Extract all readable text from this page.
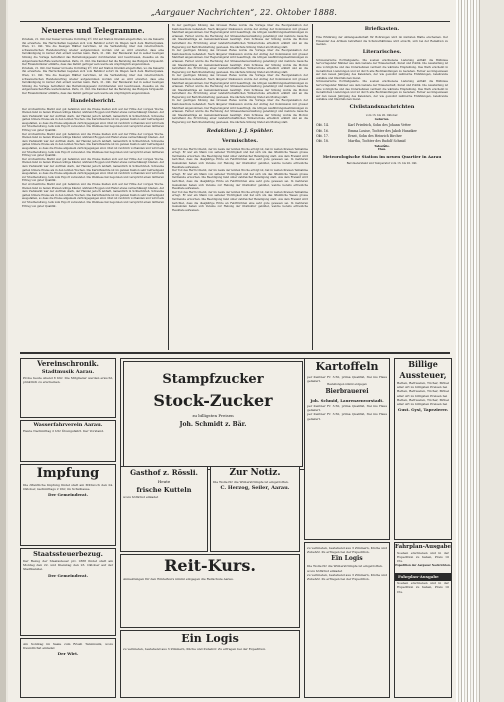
„Aargauer Nachrichten“, 22. Oktober 1888.
Neueres und Telegramme.

Potsdam, 21. Okt. Der Kaiser ist heute Vormittag 9¾ Uhr auf Station Dremkli eingetroffen, wo die Kaiserin ihn erwartete. Die Herrschaften begaben sich vom Bahnhof sofort im Wagen nach dem Marmorpalais. Wien, 21. Okt. Wie die hiesigen Blätter berichten, ist die Verhandlung über den österreichisch-schweizerischen Handelsvertrag wieder aufgenommen worden und es wird erwartet, dass eine Verständigung in kurzer Zeit erzielt werden kann. Bern, 21. Okt. Der Bundesrat hat in seiner heutigen Sitzung die Vorlage betreffend das Betreibungsgesetz durchberaten und beschlossen, dieselbe an die eidgenössischen Räte weiterzuleiten. Paris, 21. Okt. Die Kammer hat die Beratung des Budgets fortgesetzt. Der Finanzminister erklärte, dass das Defizit geringer sein werde als ursprünglich angenommen.

Potsdam, 21. Okt. Der Kaiser ist heute Vormittag 9¾ Uhr auf Station Dremkli eingetroffen, wo die Kaiserin ihn erwartete. Die Herrschaften begaben sich vom Bahnhof sofort im Wagen nach dem Marmorpalais. Wien, 21. Okt. Wie die hiesigen Blätter berichten, ist die Verhandlung über den österreichisch-schweizerischen Handelsvertrag wieder aufgenommen worden und es wird erwartet, dass eine Verständigung in kurzer Zeit erzielt werden kann. Bern, 21. Okt. Der Bundesrat hat in seiner heutigen Sitzung die Vorlage betreffend das Betreibungsgesetz durchberaten und beschlossen, dieselbe an die eidgenössischen Räte weiterzuleiten. Paris, 21. Okt. Die Kammer hat die Beratung des Budgets fortgesetzt. Der Finanzminister erklärte, dass das Defizit geringer sein werde als ursprünglich angenommen.

Handelsbericht.

Der wöchentliche Markt war gut befahren und die Preise hielten sich auf der Höhe der vorigen Woche. Weizen fand zu festen Preisen willige Käufer, während Roggen und Hafer etwas vernachlässigt blieben. Auf dem Viehmarkt war der Auftrieb stark, der Handel jedoch lebhaft, namentlich in Schlachtvieh. Schweine galten höhere Preise als in den letzten Wochen. Die Kartoffelernte ist im ganzen Kanton sehr befriedigend ausgefallen, so dass die Preise allgemein zurückgegangen sind. Obst ist reichlich vorhanden und wird teils zur Mostbereitung, teils zum Export verwendet. Die Weinlese hat begonnen und verspricht einen mittleren Ertrag von guter Qualität.

Der wöchentliche Markt war gut befahren und die Preise hielten sich auf der Höhe der vorigen Woche. Weizen fand zu festen Preisen willige Käufer, während Roggen und Hafer etwas vernachlässigt blieben. Auf dem Viehmarkt war der Auftrieb stark, der Handel jedoch lebhaft, namentlich in Schlachtvieh. Schweine galten höhere Preise als in den letzten Wochen. Die Kartoffelernte ist im ganzen Kanton sehr befriedigend ausgefallen, so dass die Preise allgemein zurückgegangen sind. Obst ist reichlich vorhanden und wird teils zur Mostbereitung, teils zum Export verwendet. Die Weinlese hat begonnen und verspricht einen mittleren Ertrag von guter Qualität.

Der wöchentliche Markt war gut befahren und die Preise hielten sich auf der Höhe der vorigen Woche. Weizen fand zu festen Preisen willige Käufer, während Roggen und Hafer etwas vernachlässigt blieben. Auf dem Viehmarkt war der Auftrieb stark, der Handel jedoch lebhaft, namentlich in Schlachtvieh. Schweine galten höhere Preise als in den letzten Wochen. Die Kartoffelernte ist im ganzen Kanton sehr befriedigend ausgefallen, so dass die Preise allgemein zurückgegangen sind. Obst ist reichlich vorhanden und wird teils zur Mostbereitung, teils zum Export verwendet. Die Weinlese hat begonnen und verspricht einen mittleren Ertrag von guter Qualität.

Der wöchentliche Markt war gut befahren und die Preise hielten sich auf der Höhe der vorigen Woche. Weizen fand zu festen Preisen willige Käufer, während Roggen und Hafer etwas vernachlässigt blieben. Auf dem Viehmarkt war der Auftrieb stark, der Handel jedoch lebhaft, namentlich in Schlachtvieh. Schweine galten höhere Preise als in den letzten Wochen. Die Kartoffelernte ist im ganzen Kanton sehr befriedigend ausgefallen, so dass die Preise allgemein zurückgegangen sind. Obst ist reichlich vorhanden und wird teils zur Mostbereitung, teils zum Export verwendet. Die Weinlese hat begonnen und verspricht einen mittleren Ertrag von guter Qualität.

In der gestrigen Sitzung des Grossen Rates wurde die Vorlage über die Reorganisation der Kantonsschule behandelt. Nach längerer Diskussion wurde der Antrag der Kommission mit grosser Mehrheit angenommen. Der Regierungsrat wird beauftragt, die nötigen Ausführungsbestimmungen zu erlassen. Ferner wurde die Rechnung der Strassenbauverwaltung genehmigt und mehrere Gesuche um Staatsbeiträge an Gemeindestrassen bewilligt. Zum Schlusse der Sitzung wurde die Motion betreffend die Errichtung einer landwirtschaftlichen Winterschule erheblich erklärt und an die Regierung zur Berichterstattung gewiesen. Die nächste Sitzung findet am Montag statt.

In der gestrigen Sitzung des Grossen Rates wurde die Vorlage über die Reorganisation der Kantonsschule behandelt. Nach längerer Diskussion wurde der Antrag der Kommission mit grosser Mehrheit angenommen. Der Regierungsrat wird beauftragt, die nötigen Ausführungsbestimmungen zu erlassen. Ferner wurde die Rechnung der Strassenbauverwaltung genehmigt und mehrere Gesuche um Staatsbeiträge an Gemeindestrassen bewilligt. Zum Schlusse der Sitzung wurde die Motion betreffend die Errichtung einer landwirtschaftlichen Winterschule erheblich erklärt und an die Regierung zur Berichterstattung gewiesen. Die nächste Sitzung findet am Montag statt.

In der gestrigen Sitzung des Grossen Rates wurde die Vorlage über die Reorganisation der Kantonsschule behandelt. Nach längerer Diskussion wurde der Antrag der Kommission mit grosser Mehrheit angenommen. Der Regierungsrat wird beauftragt, die nötigen Ausführungsbestimmungen zu erlassen. Ferner wurde die Rechnung der Strassenbauverwaltung genehmigt und mehrere Gesuche um Staatsbeiträge an Gemeindestrassen bewilligt. Zum Schlusse der Sitzung wurde die Motion betreffend die Errichtung einer landwirtschaftlichen Winterschule erheblich erklärt und an die Regierung zur Berichterstattung gewiesen. Die nächste Sitzung findet am Montag statt.

In der gestrigen Sitzung des Grossen Rates wurde die Vorlage über die Reorganisation der Kantonsschule behandelt. Nach längerer Diskussion wurde der Antrag der Kommission mit grosser Mehrheit angenommen. Der Regierungsrat wird beauftragt, die nötigen Ausführungsbestimmungen zu erlassen. Ferner wurde die Rechnung der Strassenbauverwaltung genehmigt und mehrere Gesuche um Staatsbeiträge an Gemeindestrassen bewilligt. Zum Schlusse der Sitzung wurde die Motion betreffend die Errichtung einer landwirtschaftlichen Winterschule erheblich erklärt und an die Regierung zur Berichterstattung gewiesen. Die nächste Sitzung findet am Montag statt.

Redaktion: J. J. Spühler.
Vermischtes.

Der Tod des Herrn Oberst, der im Laufe der letzten Woche erfolgt ist, hat in weiten Kreisen Teilnahme erregt. Er war ein Mann von seltener Tüchtigkeit und hat sich um das öffentliche Wesen grosse Verdienste erworben. Die Beerdigung fand unter zahlreicher Beteiligung statt. Aus dem Freiamt wird berichtet, dass die diesjährige Ernte an Feldfrüchten eine sehr gute gewesen sei. In mehreren Gemeinden haben sich Vereine zur Hebung der Obstkultur gebildet, welche bereits erfreuliche Resultate aufweisen.

Der Tod des Herrn Oberst, der im Laufe der letzten Woche erfolgt ist, hat in weiten Kreisen Teilnahme erregt. Er war ein Mann von seltener Tüchtigkeit und hat sich um das öffentliche Wesen grosse Verdienste erworben. Die Beerdigung fand unter zahlreicher Beteiligung statt. Aus dem Freiamt wird berichtet, dass die diesjährige Ernte an Feldfrüchten eine sehr gute gewesen sei. In mehreren Gemeinden haben sich Vereine zur Hebung der Obstkultur gebildet, welche bereits erfreuliche Resultate aufweisen.

Der Tod des Herrn Oberst, der im Laufe der letzten Woche erfolgt ist, hat in weiten Kreisen Teilnahme erregt. Er war ein Mann von seltener Tüchtigkeit und hat sich um das öffentliche Wesen grosse Verdienste erworben. Die Beerdigung fand unter zahlreicher Beteiligung statt. Aus dem Freiamt wird berichtet, dass die diesjährige Ernte an Feldfrüchten eine sehr gute gewesen sei. In mehreren Gemeinden haben sich Vereine zur Hebung der Obstkultur gebildet, welche bereits erfreuliche Resultate aufweisen.

Briefkasten.

Eine Erklärung der Aktiengesellschaft für Bohrungen wird im nächsten Blatte erscheinen. Der Einsender des Artikels betreffend die Schulverhältnisse wird ersucht, sich bei der Redaktion zu melden.

Literarisches.

Schweizerische Portraitgalerie. Die soeben erschienene Lieferung enthält die Bildnisse hervorragender Männer aus dem Gebiete der Wissenschaft, Kunst und Politik. Die Ausstattung ist eine vorzügliche und das Unternehmen verdient die wärmste Empfehlung. Das Werk erscheint in monatlichen Lieferungen und ist durch alle Buchhandlungen zu beziehen. Ferner sei hingewiesen auf den neuen Jahrgang des Kalenders, der wie gewohnt zahlreiche Erzählungen, belehrende Aufsätze und Illustrationen bietet.

Schweizerische Portraitgalerie. Die soeben erschienene Lieferung enthält die Bildnisse hervorragender Männer aus dem Gebiete der Wissenschaft, Kunst und Politik. Die Ausstattung ist eine vorzügliche und das Unternehmen verdient die wärmste Empfehlung. Das Werk erscheint in monatlichen Lieferungen und ist durch alle Buchhandlungen zu beziehen. Ferner sei hingewiesen auf den neuen Jahrgang des Kalenders, der wie gewohnt zahlreiche Erzählungen, belehrende Aufsätze und Illustrationen bietet.

Civilstandsnachrichten
vom 13. bis 20. Oktober.
Geburten.
Okt. 14.	Karl Friedrich, Sohn des Johann Vetter
Okt. 16.	Emma Louise, Tochter des Jakob Hunziker
Okt. 17.	Ernst, Sohn des Heinrich Bircher
Okt. 18.	Martha, Tochter des Rudolf Schmid
Todesfälle.
Ehen.
Meteorologische Station im neuen Quartier in Aarau
Barometerstand und Temperatur vom 13. bis 20. Okt.
Vereinschronik.
Stadtmusik Aarau.
Probe heute Abend 8 Uhr. Die Mitglieder werden ersucht, pünktlich zu erscheinen.
Wasserfahrverein Aarau.
Heute Nachmittag 2 Uhr Übungsfahrt. Der Vorstand.
Impfung
Die öffentliche Impfung findet statt am Mittwoch den 24. Oktober, nachmittags 2 Uhr, im Schulhause.
Der Gemeinderat.
Staatssteuerbezug.
Der Bezug der Staatssteuer pro 1888 findet statt am Montag den 22. und Dienstag den 23. Oktober auf der Stadtkanzlei.
Der Gemeinderat.
Am Sonntag im Saale zum Rössli Tanzmusik, wozu freundlichst einladet
Der Wirt.
Stampfzucker
Stock-Zucker
zu billigsten Preisen
Joh. Schmidt z. Bär.
Gasthof z. Rössli.
Heute
frische Kutteln
wozu höflichst einladet
Zur Notiz.
Die Wolle für die Winterstrümpfe ist eingetroffen.
C. Herzog, Seiler, Aarau.
Reit-Kurs.
Anmeldungen für den Winterkurs nimmt entgegen die Reitschule Aarau.
Ein Logis
zu vermieten, bestehend aus 3 Zimmern, Küche und Zubehör. Zu erfragen bei der Expedition.
Kartoffeln
per Zentner Fr. 3.50, prima Qualität, frei ins Haus geliefert.
Bestellungen nimmt entgegen
Bierbrauerei
Joh. Schmid, Laurenzenvorstadt.
per Zentner Fr. 3.50, prima Qualität, frei ins Haus geliefert.
per Zentner Fr. 3.50, prima Qualität, frei ins Haus geliefert.
zu vermieten, bestehend aus 3 Zimmern, Küche und Zubehör. Zu erfragen bei der Expedition.
Ein Logis
Die Wolle für die Winterstrümpfe ist eingetroffen.
wozu höflichst einladet
zu vermieten, bestehend aus 3 Zimmern, Küche und Zubehör. Zu erfragen bei der Expedition.
Billige Aussteuer,
Betten, Bettwaren, Tücher, Möbel aller Art zu billigsten Preisen bei
Betten, Bettwaren, Tücher, Möbel aller Art zu billigsten Preisen bei
Betten, Bettwaren, Tücher, Möbel aller Art zu billigsten Preisen bei
Gust. Gysi, Tapezierer.
Fahrplan-Ausgabe
Soeben erschienen und in der Expedition zu haben, Preis 10 Cts.
Expedition der Aargauer Nachrichten.
Fahrplan-Ausgabe
Soeben erschienen und in der Expedition zu haben, Preis 10 Cts.
